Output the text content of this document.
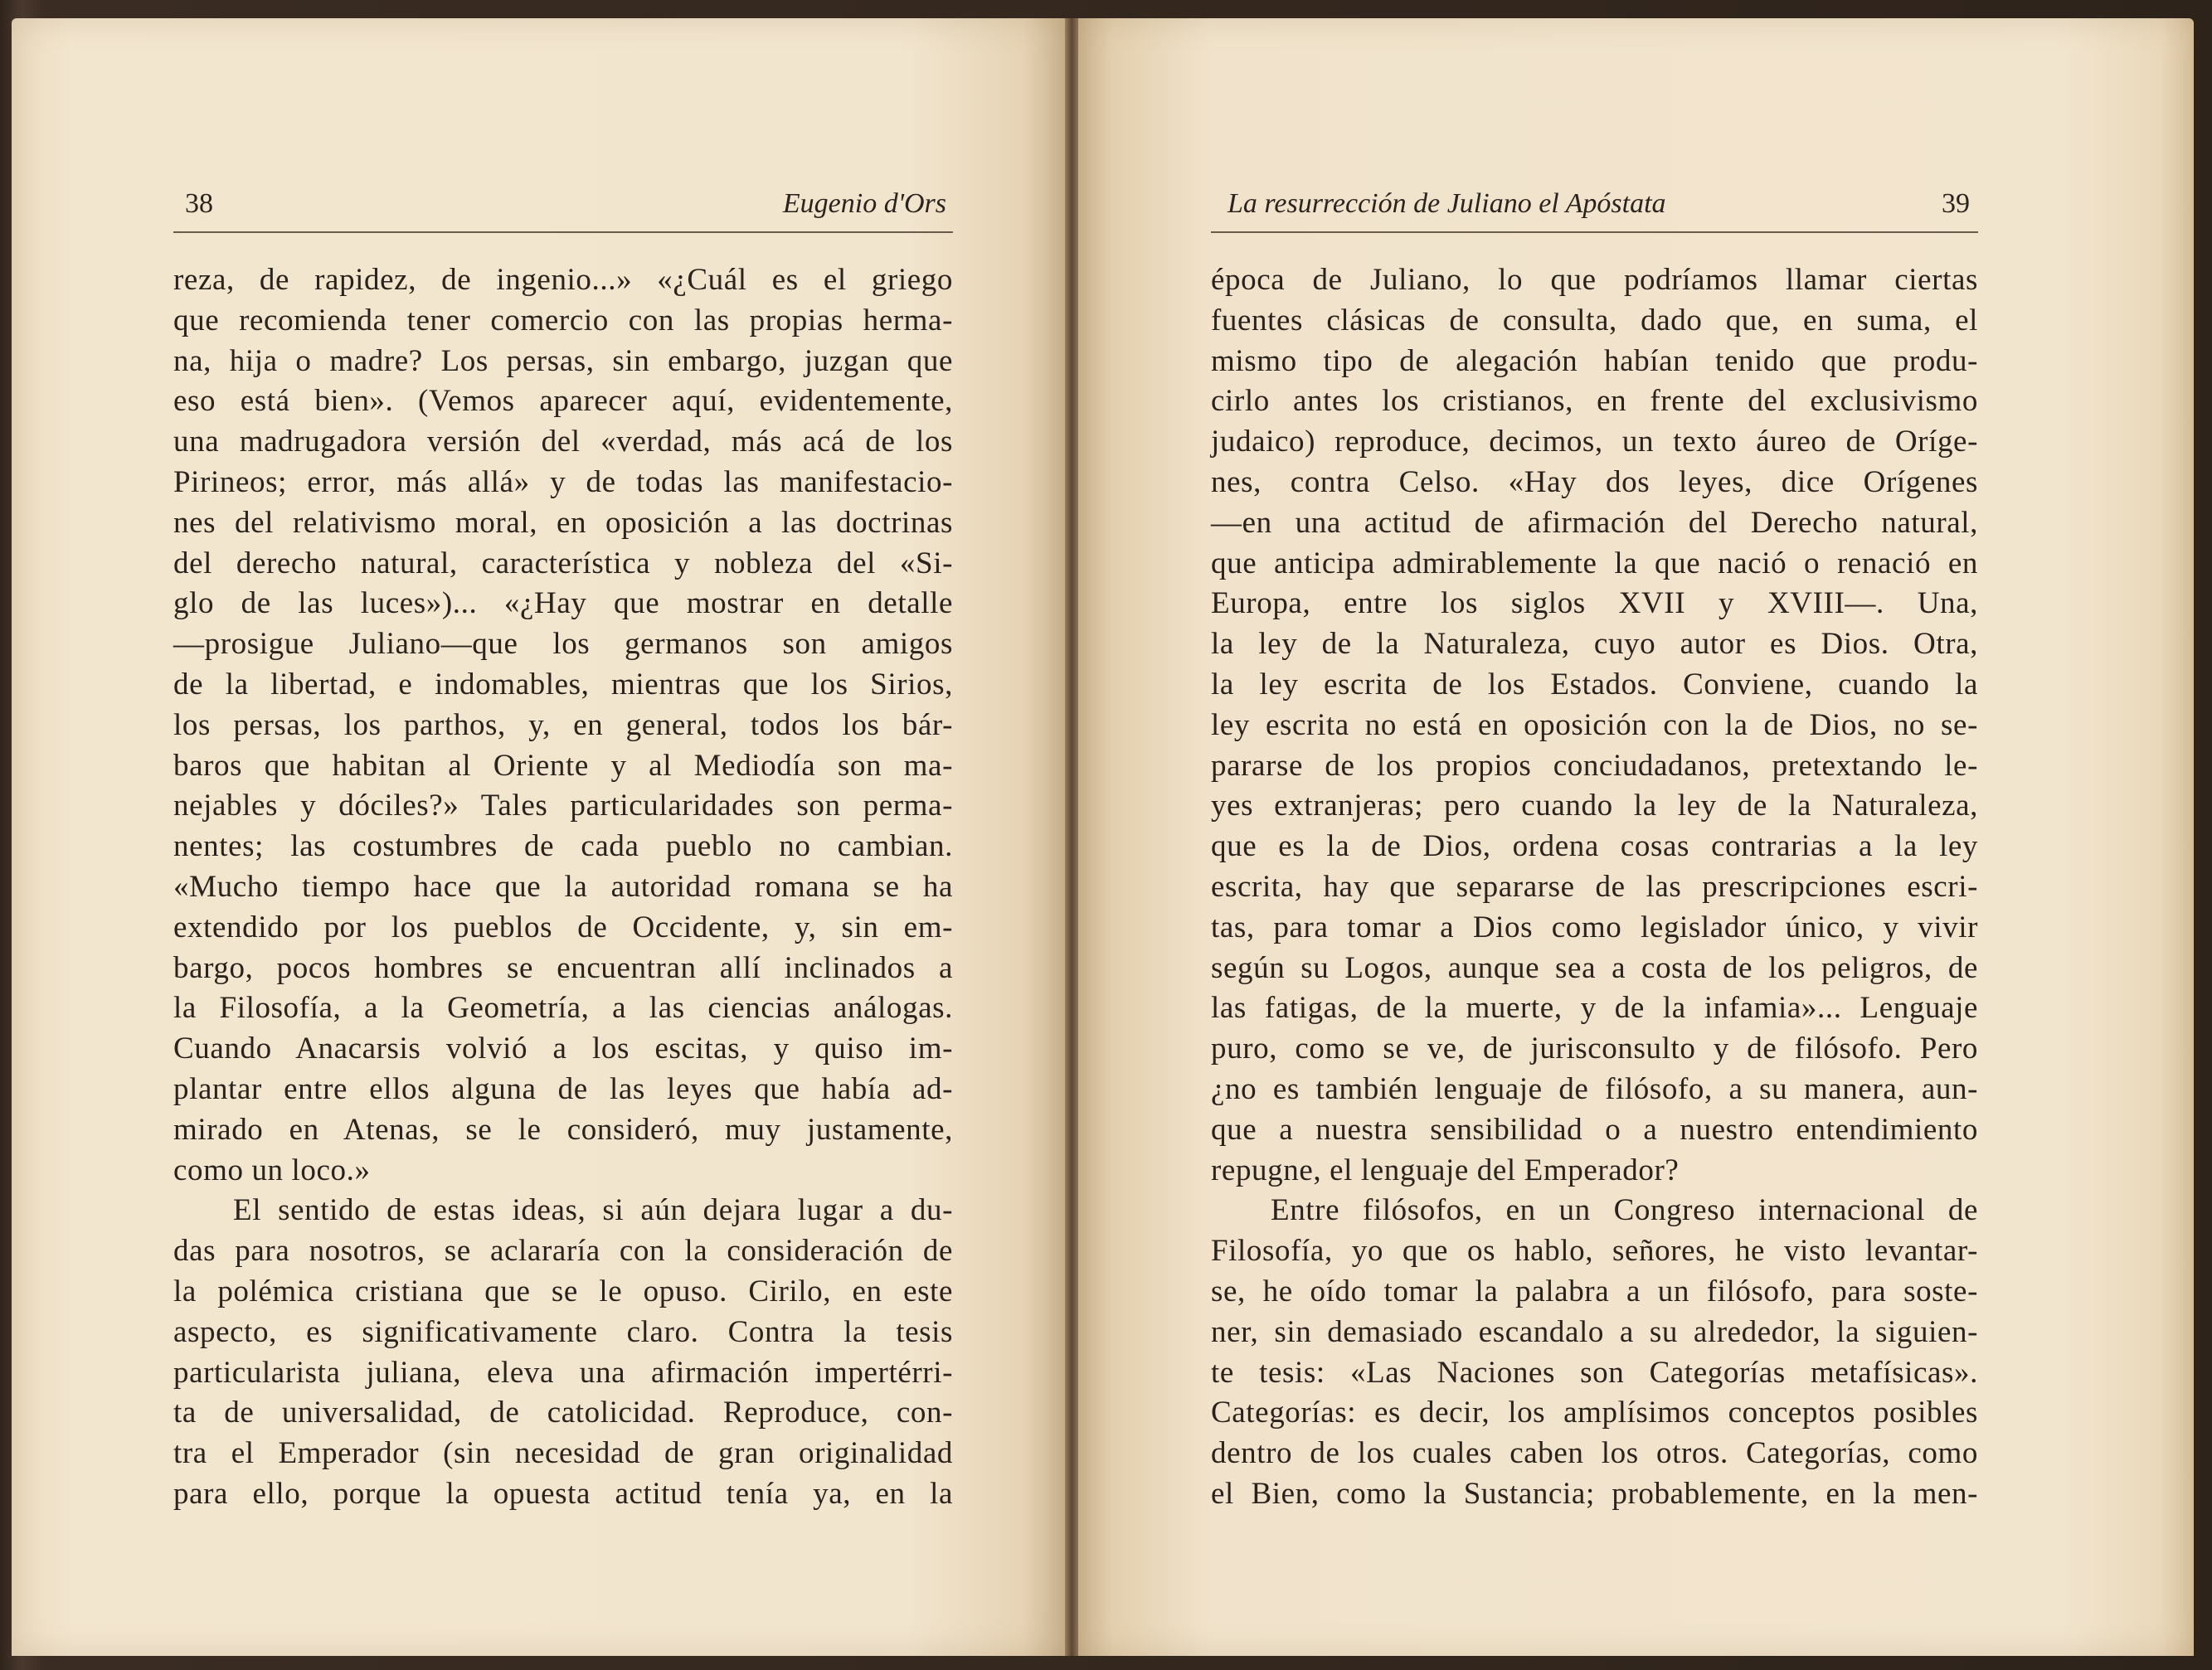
38	Eugenio d'Ors
reza, de rapidez, de ingenio...» «¿Cuál es el griego
que recomienda tener comercio con las propias herma-
na, hija o madre? Los persas, sin embargo, juzgan que
eso está bien». (Vemos aparecer aquí, evidentemente,
una madrugadora versión del «verdad, más acá de los
Pirineos; error, más allá» y de todas las manifestacio-
nes del relativismo moral, en oposición a las doctrinas
del derecho natural, característica y nobleza del «Si-
glo de las luces»)... «¿Hay que mostrar en detalle
—prosigue Juliano—que los germanos son amigos
de la libertad, e indomables, mientras que los Sirios,
los persas, los parthos, y, en general, todos los bár-
baros que habitan al Oriente y al Mediodía son ma-
nejables y dóciles?» Tales particularidades son perma-
nentes; las costumbres de cada pueblo no cambian.
«Mucho tiempo hace que la autoridad romana se ha
extendido por los pueblos de Occidente, y, sin em-
bargo, pocos hombres se encuentran allí inclinados a
la Filosofía, a la Geometría, a las ciencias análogas.
Cuando Anacarsis volvió a los escitas, y quiso im-
plantar entre ellos alguna de las leyes que había ad-
mirado en Atenas, se le consideró, muy justamente,
como un loco.»
El sentido de estas ideas, si aún dejara lugar a du-
das para nosotros, se aclararía con la consideración de
la polémica cristiana que se le opuso. Cirilo, en este
aspecto, es significativamente claro. Contra la tesis
particularista juliana, eleva una afirmación impertérri-
ta de universalidad, de catolicidad. Reproduce, con-
tra el Emperador (sin necesidad de gran originalidad
para ello, porque la opuesta actitud tenía ya, en la
La resurrección de Juliano el Apóstata	39
época de Juliano, lo que podríamos llamar ciertas
fuentes clásicas de consulta, dado que, en suma, el
mismo tipo de alegación habían tenido que produ-
cirlo antes los cristianos, en frente del exclusivismo
judaico) reproduce, decimos, un texto áureo de Oríge-
nes, contra Celso. «Hay dos leyes, dice Orígenes
—en una actitud de afirmación del Derecho natural,
que anticipa admirablemente la que nació o renació en
Europa, entre los siglos XVII y XVIII—. Una,
la ley de la Naturaleza, cuyo autor es Dios. Otra,
la ley escrita de los Estados. Conviene, cuando la
ley escrita no está en oposición con la de Dios, no se-
pararse de los propios conciudadanos, pretextando le-
yes extranjeras; pero cuando la ley de la Naturaleza,
que es la de Dios, ordena cosas contrarias a la ley
escrita, hay que separarse de las prescripciones escri-
tas, para tomar a Dios como legislador único, y vivir
según su Logos, aunque sea a costa de los peligros, de
las fatigas, de la muerte, y de la infamia»... Lenguaje
puro, como se ve, de jurisconsulto y de filósofo. Pero
¿no es también lenguaje de filósofo, a su manera, aun-
que a nuestra sensibilidad o a nuestro entendimiento
repugne, el lenguaje del Emperador?
Entre filósofos, en un Congreso internacional de
Filosofía, yo que os hablo, señores, he visto levantar-
se, he oído tomar la palabra a un filósofo, para soste-
ner, sin demasiado escandalo a su alrededor, la siguien-
te tesis: «Las Naciones son Categorías metafísicas».
Categorías: es decir, los amplísimos conceptos posibles
dentro de los cuales caben los otros. Categorías, como
el Bien, como la Sustancia; probablemente, en la men-
